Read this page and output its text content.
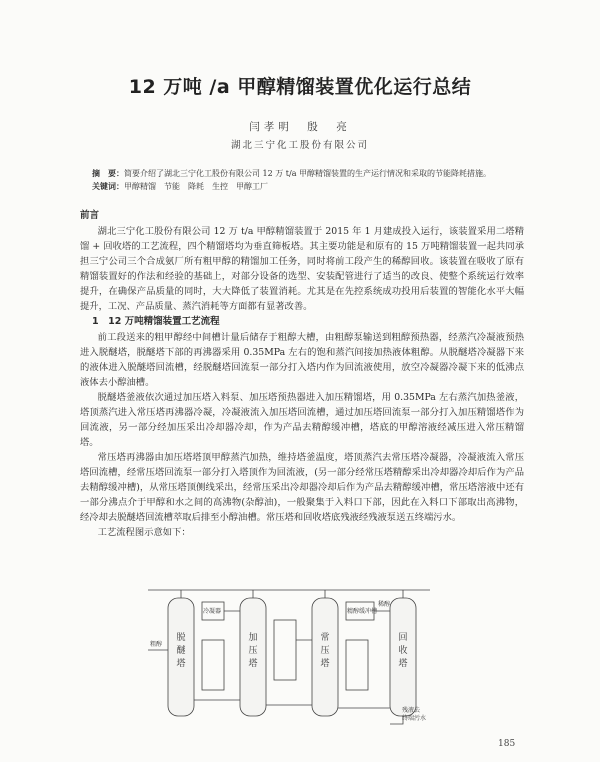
12 万吨 /a 甲醇精馏装置优化运行总结
闫孝明　殷　亮
湖北三宁化工股份有限公司
摘　要：简要介绍了湖北三宁化工股份有限公司 12 万 t/a 甲醇精馏装置的生产运行情况和采取的节能降耗措施。
关键词：甲醇精馏　节能　降耗　生控　甲醇工厂
前言

湖北三宁化工股份有限公司 12 万 t/a 甲醇精馏装置于 2015 年 1 月建成投入运行，该装置采用二塔精馏 + 回收塔的工艺流程，四个精馏塔均为垂直筛板塔。其主要功能是和原有的 15 万吨精馏装置一起共同承担三宁公司三个合成氨厂所有粗甲醇的精馏加工任务，同时将前工段产生的稀醇回收。该装置在吸收了原有精馏装置好的作法和经验的基础上，对部分设备的选型、安装配管进行了适当的改良、使整个系统运行效率提升，在确保产品质量的同时，大大降低了装置消耗。尤其是在先控系统成功投用后装置的智能化水平大幅提升，工况、产品质量、蒸汽消耗等方面都有显著改善。

1　12 万吨精馏装置工艺流程

前工段送来的粗甲醇经中间槽计量后储存于粗醇大槽，由粗醇泵输送到粗醇预热器，经蒸汽冷凝液预热进入脱醚塔，脱醚塔下部的再沸器采用 0.35MPa 左右的饱和蒸汽间接加热液体粗醇。从脱醚塔冷凝器下来的液体进入脱醚塔回流槽，经脱醚塔回流泵一部分打入塔内作为回流液使用，放空冷凝器冷凝下来的低沸点液体去小醇油槽。

脱醚塔釜液依次通过加压塔入料泵、加压塔预热器进入加压精馏塔，用 0.35MPa 左右蒸汽加热釜液，塔顶蒸汽进入常压塔再沸器冷凝，冷凝液流入加压塔回流槽，通过加压塔回流泵一部分打入加压精馏塔作为回流液，另一部分经加压采出冷却器冷却，作为产品去精醇缓冲槽，塔底的甲醇溶液经减压进入常压精馏塔。

常压塔再沸器由加压塔塔顶甲醇蒸汽加热，维持塔釜温度，塔顶蒸汽去常压塔冷凝器，冷凝液流入常压塔回流槽，经常压塔回流泵一部分打入塔顶作为回流液，(另一部分经常压塔精醇采出冷却器冷却后作为产品去精醇缓冲槽)，从常压塔顶侧线采出，经常压采出冷却器冷却后作为产品去精醇缓冲槽，常压塔溶液中还有一部分沸点介于甲醇和水之间的高沸物(杂醇油)，一般聚集于入料口下部，因此在入料口下部取出高沸物，经冷却去脱醚塔回流槽萃取后排至小醇油槽。常压塔和回收塔底残液经残液泵送五终端污水。

工艺流程图示意如下：

脱醚塔
加压塔
常压塔
回收塔
粗醇
冷凝器	精醇缓冲槽
稀醇
残液去终端污水
185
